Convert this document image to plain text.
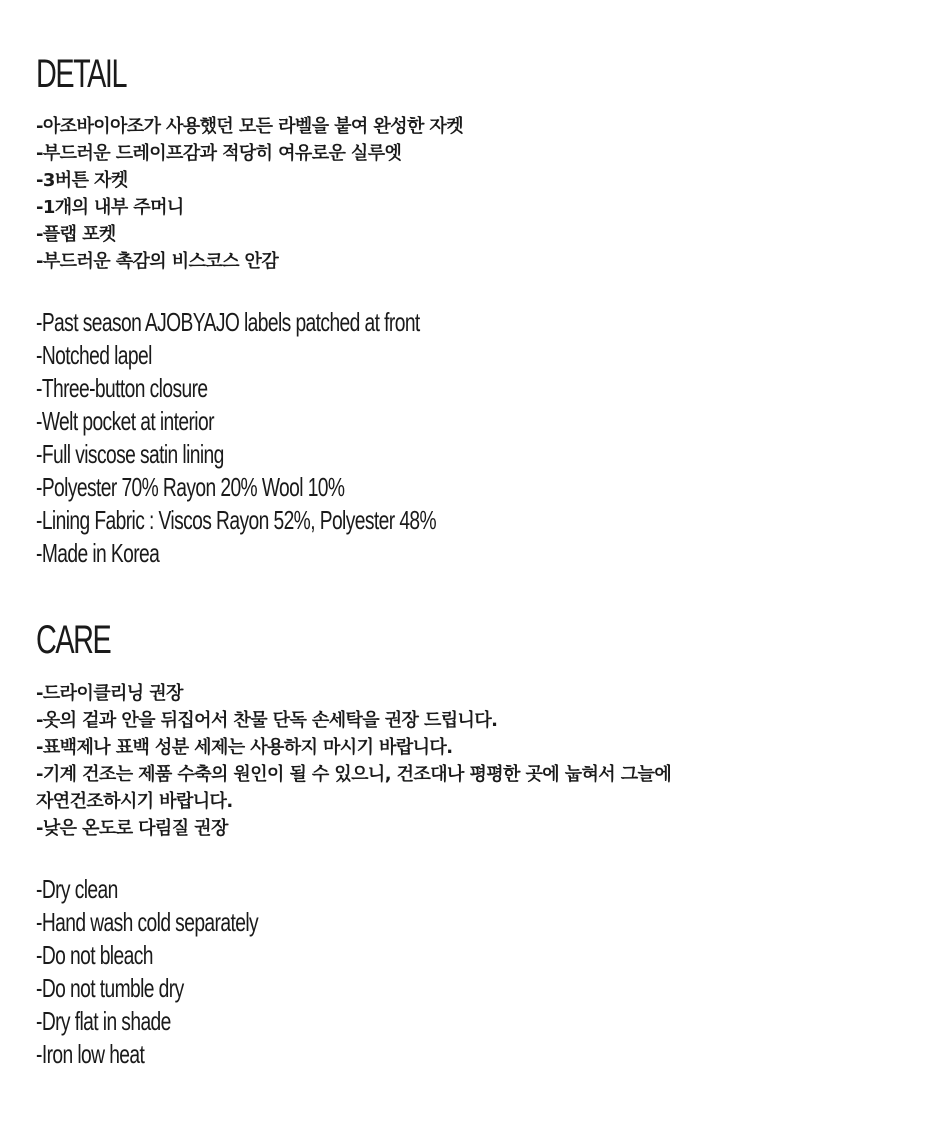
DETAIL
-아조바이아조가 사용했던 모든 라벨을 붙여 완성한 자켓
-부드러운 드레이프감과 적당히 여유로운 실루엣
-3버튼 자켓
-1개의 내부 주머니
-플랩 포켓
-부드러운 촉감의 비스코스 안감
-Past season AJOBYAJO labels patched at front
-Notched lapel
-Three-button closure
-Welt pocket at interior
-Full viscose satin lining
-Polyester 70% Rayon 20% Wool 10%
-Lining Fabric : Viscos Rayon 52%, Polyester 48%
-Made in Korea
CARE
-드라이클리닝 권장
-옷의 겉과 안을 뒤집어서 찬물 단독 손세탁을 권장 드립니다.
-표백제나 표백 성분 세제는 사용하지 마시기 바랍니다.
-기계 건조는 제품 수축의 원인이 될 수 있으니, 건조대나 평평한 곳에 눕혀서 그늘에
자연건조하시기 바랍니다.
-낮은 온도로 다림질 권장
-Dry clean
-Hand wash cold separately
-Do not bleach
-Do not tumble dry
-Dry flat in shade
-Iron low heat
